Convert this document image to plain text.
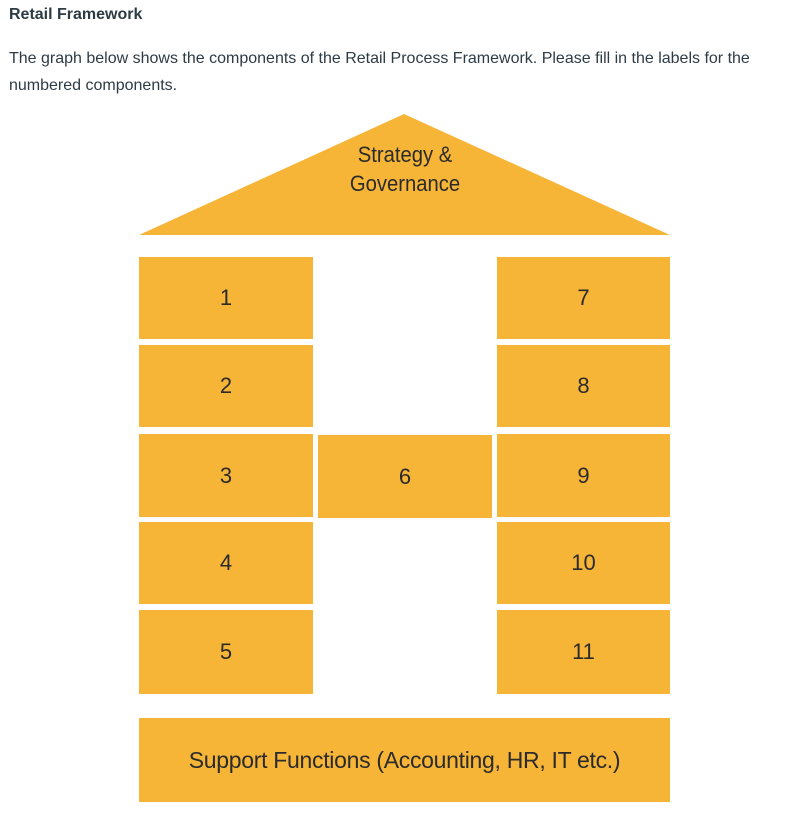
Retail Framework
The graph below shows the components of the Retail Process Framework. Please fill in the labels for the numbered components.
Strategy &
Governance
1
2
3
4
5
6
7
8
9
10
11
Support Functions (Accounting, HR, IT etc.)
